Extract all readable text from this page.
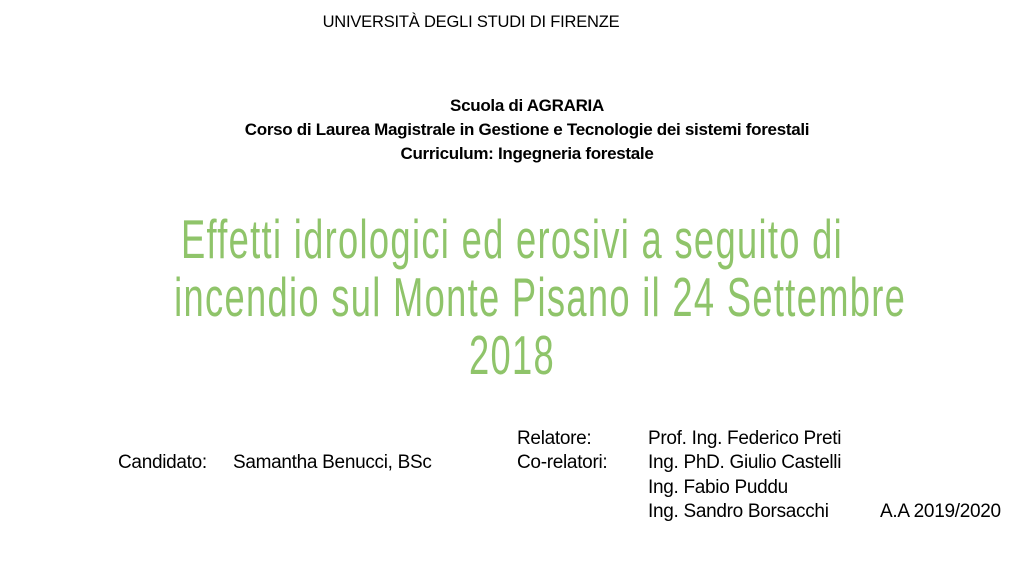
UNIVERSITÀ DEGLI STUDI DI FIRENZE
Scuola di AGRARIA
Corso di Laurea Magistrale in Gestione e Tecnologie dei sistemi forestali
Curriculum: Ingegneria forestale
Effetti idrologici ed erosivi a seguito di
incendio sul Monte Pisano il 24 Settembre
2018
Candidato: Samantha Benucci, BSc
Relatore:	Prof. Ing. Federico Preti
Co-relatori: Ing. PhD. Giulio Castelli
Ing. Fabio Puddu
Ing. Sandro Borsacchi	A.A 2019/2020
